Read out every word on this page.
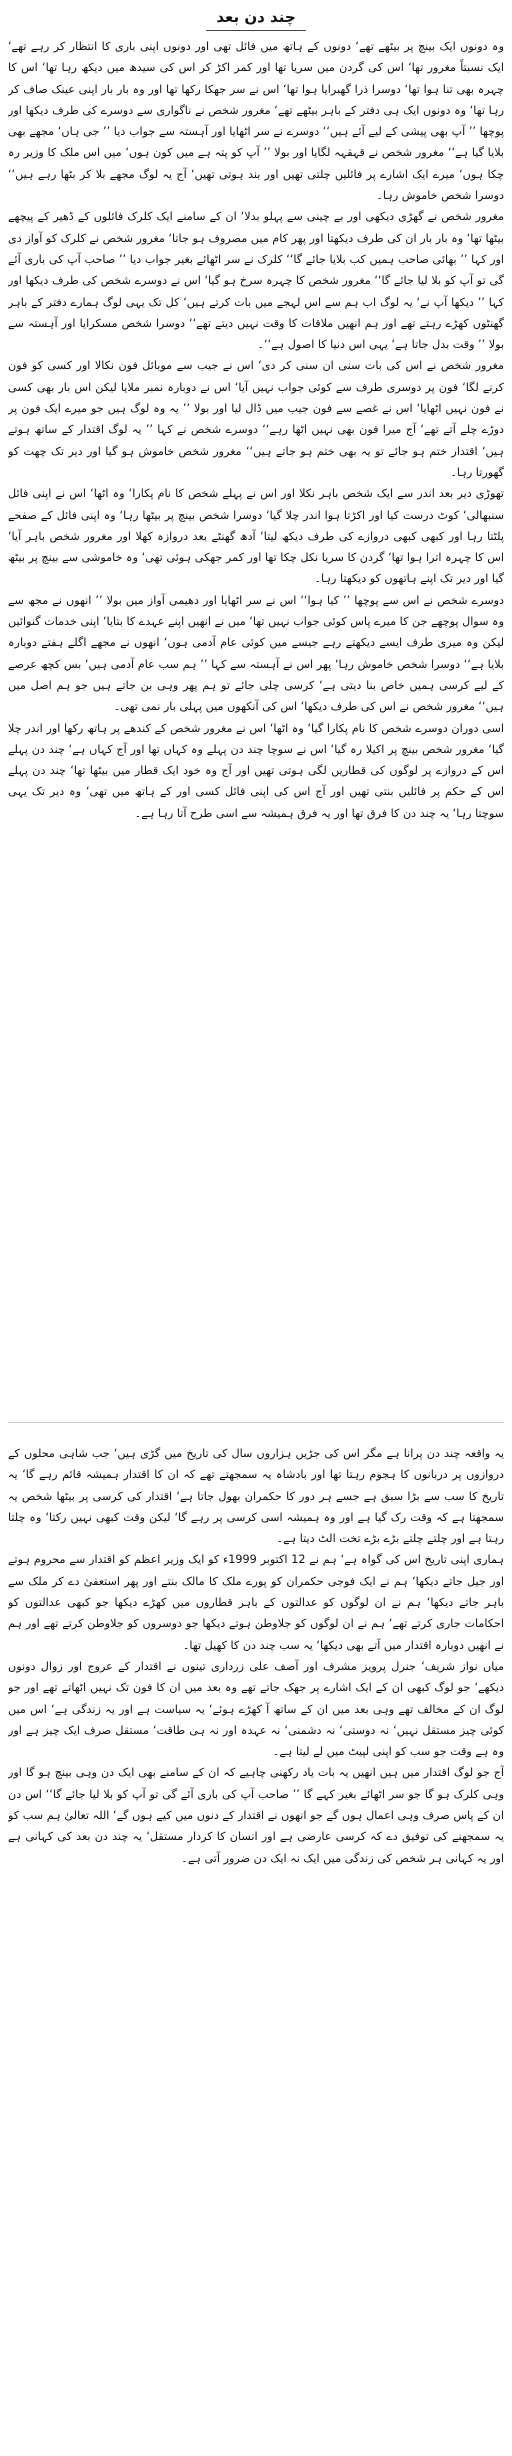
چند دن بعد

وہ دونوں ایک بینچ پر بیٹھے تھے‘ دونوں کے ہاتھ میں فائل تھی اور دونوں اپنی باری کا انتظار کر رہے تھے‘ ایک نسبتاً مغرور تھا‘ اس کی گردن میں سریا تھا اور کمر اکڑ کر اس کی سیدھ میں دیکھ رہا تھا‘ اس کا چہرہ بھی تنا ہوا تھا‘ دوسرا ذرا گھبرایا ہوا تھا‘ اس نے سر جھکا رکھا تھا اور وہ بار بار اپنی عینک صاف کر رہا تھا‘ وہ دونوں ایک ہی دفتر کے باہر بیٹھے تھے‘ مغرور شخص نے ناگواری سے دوسرے کی طرف دیکھا اور پوچھا ’’ آپ بھی پیشی کے لیے آئے ہیں‘‘ دوسرے نے سر اٹھایا اور آہستہ سے جواب دیا ’’ جی ہاں‘ مجھے بھی بلایا گیا ہے‘‘ مغرور شخص نے قہقہہ لگایا اور بولا ’’ آپ کو پتہ ہے میں کون ہوں‘ میں اس ملک کا وزیر رہ چکا ہوں‘ میرے ایک اشارے پر فائلیں چلتی تھیں اور بند ہوتی تھیں‘ آج یہ لوگ مجھے بلا کر بٹھا رہے ہیں‘‘ دوسرا شخص خاموش رہا۔

مغرور شخص نے گھڑی دیکھی اور بے چینی سے پہلو بدلا‘ ان کے سامنے ایک کلرک فائلوں کے ڈھیر کے پیچھے بیٹھا تھا‘ وہ بار بار ان کی طرف دیکھتا اور پھر کام میں مصروف ہو جاتا‘ مغرور شخص نے کلرک کو آواز دی اور کہا ’’ بھائی صاحب ہمیں کب بلایا جائے گا‘‘ کلرک نے سر اٹھائے بغیر جواب دیا ’’ صاحب آپ کی باری آئے گی تو آپ کو بلا لیا جائے گا‘‘ مغرور شخص کا چہرہ سرخ ہو گیا‘ اس نے دوسرے شخص کی طرف دیکھا اور کہا ’’ دیکھا آپ نے‘ یہ لوگ اب ہم سے اس لہجے میں بات کرتے ہیں‘ کل تک یہی لوگ ہمارے دفتر کے باہر گھنٹوں کھڑے رہتے تھے اور ہم انھیں ملاقات کا وقت نہیں دیتے تھے‘‘ دوسرا شخص مسکرایا اور آہستہ سے بولا ’’ وقت بدل جاتا ہے‘ یہی اس دنیا کا اصول ہے‘‘۔

مغرور شخص نے اس کی بات سنی ان سنی کر دی‘ اس نے جیب سے موبائل فون نکالا اور کسی کو فون کرنے لگا‘ فون پر دوسری طرف سے کوئی جواب نہیں آیا‘ اس نے دوبارہ نمبر ملایا لیکن اس بار بھی کسی نے فون نہیں اٹھایا‘ اس نے غصے سے فون جیب میں ڈال لیا اور بولا ’’ یہ وہ لوگ ہیں جو میرے ایک فون پر دوڑے چلے آتے تھے‘ آج میرا فون بھی نہیں اٹھا رہے‘‘ دوسرے شخص نے کہا ’’ یہ لوگ اقتدار کے ساتھ ہوتے ہیں‘ اقتدار ختم ہو جائے تو یہ بھی ختم ہو جاتے ہیں‘‘ مغرور شخص خاموش ہو گیا اور دیر تک چھت کو گھورتا رہا۔

تھوڑی دیر بعد اندر سے ایک شخص باہر نکلا اور اس نے پہلے شخص کا نام پکارا‘ وہ اٹھا‘ اس نے اپنی فائل سنبھالی‘ کوٹ درست کیا اور اکڑتا ہوا اندر چلا گیا‘ دوسرا شخص بینچ پر بیٹھا رہا‘ وہ اپنی فائل کے صفحے پلٹتا رہا اور کبھی کبھی دروازے کی طرف دیکھ لیتا‘ آدھ گھنٹے بعد دروازہ کھلا اور مغرور شخص باہر آیا‘ اس کا چہرہ اترا ہوا تھا‘ گردن کا سریا نکل چکا تھا اور کمر جھکی ہوئی تھی‘ وہ خاموشی سے بینچ پر بیٹھ گیا اور دیر تک اپنے ہاتھوں کو دیکھتا رہا۔

دوسرے شخص نے اس سے پوچھا ’’ کیا ہوا‘‘ اس نے سر اٹھایا اور دھیمی آواز میں بولا ’’ انھوں نے مجھ سے وہ سوال پوچھے جن کا میرے پاس کوئی جواب نہیں تھا‘ میں نے انھیں اپنے عہدے کا بتایا‘ اپنی خدمات گنوائیں لیکن وہ میری طرف ایسے دیکھتے رہے جیسے میں کوئی عام آدمی ہوں‘ انھوں نے مجھے اگلے ہفتے دوبارہ بلایا ہے‘‘ دوسرا شخص خاموش رہا‘ پھر اس نے آہستہ سے کہا ’’ ہم سب عام آدمی ہیں‘ بس کچھ عرصے کے لیے کرسی ہمیں خاص بنا دیتی ہے‘ کرسی چلی جائے تو ہم پھر وہی بن جاتے ہیں جو ہم اصل میں ہیں‘‘ مغرور شخص نے اس کی طرف دیکھا‘ اس کی آنکھوں میں پہلی بار نمی تھی۔

اسی دوران دوسرے شخص کا نام پکارا گیا‘ وہ اٹھا‘ اس نے مغرور شخص کے کندھے پر ہاتھ رکھا اور اندر چلا گیا‘ مغرور شخص بینچ پر اکیلا رہ گیا‘ اس نے سوچا چند دن پہلے وہ کہاں تھا اور آج کہاں ہے‘ چند دن پہلے اس کے دروازے پر لوگوں کی قطاریں لگی ہوتی تھیں اور آج وہ خود ایک قطار میں بیٹھا تھا‘ چند دن پہلے اس کے حکم پر فائلیں بنتی تھیں اور آج اس کی اپنی فائل کسی اور کے ہاتھ میں تھی‘ وہ دیر تک یہی سوچتا رہا‘ یہ چند دن کا فرق تھا اور یہ فرق ہمیشہ سے اسی طرح آتا رہا ہے۔

یہ واقعہ چند دن پرانا ہے مگر اس کی جڑیں ہزاروں سال کی تاریخ میں گڑی ہیں‘ جب شاہی محلوں کے دروازوں پر دربانوں کا ہجوم رہتا تھا اور بادشاہ یہ سمجھتے تھے کہ ان کا اقتدار ہمیشہ قائم رہے گا‘ یہ تاریخ کا سب سے بڑا سبق ہے جسے ہر دور کا حکمران بھول جاتا ہے‘ اقتدار کی کرسی پر بیٹھا شخص یہ سمجھتا ہے کہ وقت رک گیا ہے اور وہ ہمیشہ اسی کرسی پر رہے گا‘ لیکن وقت کبھی نہیں رکتا‘ وہ چلتا رہتا ہے اور چلتے چلتے بڑے بڑے تخت الٹ دیتا ہے۔

ہماری اپنی تاریخ اس کی گواہ ہے‘ ہم نے 12 اکتوبر 1999ء کو ایک وزیر اعظم کو اقتدار سے محروم ہوتے اور جیل جاتے دیکھا‘ ہم نے ایک فوجی حکمران کو پورے ملک کا مالک بنتے اور پھر استعفیٰ دے کر ملک سے باہر جاتے دیکھا‘ ہم نے ان لوگوں کو عدالتوں کے باہر قطاروں میں کھڑے دیکھا جو کبھی عدالتوں کو احکامات جاری کرتے تھے‘ ہم نے ان لوگوں کو جلاوطن ہوتے دیکھا جو دوسروں کو جلاوطن کرتے تھے اور ہم نے انھیں دوبارہ اقتدار میں آتے بھی دیکھا‘ یہ سب چند دن کا کھیل تھا۔

میاں نواز شریف‘ جنرل پرویز مشرف اور آصف علی زرداری تینوں نے اقتدار کے عروج اور زوال دونوں دیکھے‘ جو لوگ کبھی ان کے ایک اشارے پر جھک جاتے تھے وہ بعد میں ان کا فون تک نہیں اٹھاتے تھے اور جو لوگ ان کے مخالف تھے وہی بعد میں ان کے ساتھ آ کھڑے ہوئے‘ یہ سیاست ہے اور یہ زندگی ہے‘ اس میں کوئی چیز مستقل نہیں‘ نہ دوستی‘ نہ دشمنی‘ نہ عہدہ اور نہ ہی طاقت‘ مستقل صرف ایک چیز ہے اور وہ ہے وقت جو سب کو اپنی لپیٹ میں لے لیتا ہے۔

آج جو لوگ اقتدار میں ہیں انھیں یہ بات یاد رکھنی چاہیے کہ ان کے سامنے بھی ایک دن وہی بینچ ہو گا اور وہی کلرک ہو گا جو سر اٹھائے بغیر کہے گا ’’ صاحب آپ کی باری آئے گی تو آپ کو بلا لیا جائے گا‘‘ اس دن ان کے پاس صرف وہی اعمال ہوں گے جو انھوں نے اقتدار کے دنوں میں کیے ہوں گے‘ اللہ تعالیٰ ہم سب کو یہ سمجھنے کی توفیق دے کہ کرسی عارضی ہے اور انسان کا کردار مستقل‘ یہ چند دن بعد کی کہانی ہے اور یہ کہانی ہر شخص کی زندگی میں ایک نہ ایک دن ضرور آتی ہے۔
